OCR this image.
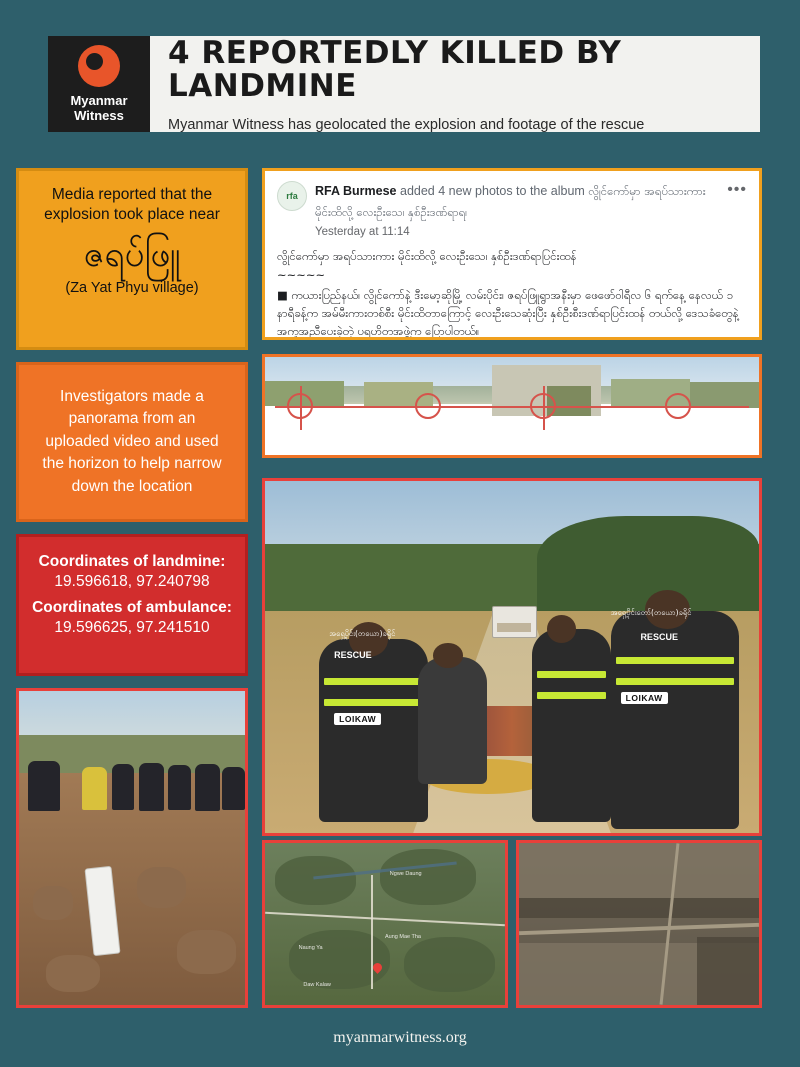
Myanmar
Witness
4 REPORTEDLY KILLED BY LANDMINE
Myanmar Witness has geolocated the explosion and footage of the rescue
Media reported that the
explosion took place near
ဇရပ်ဖြူ
(Za Yat Phyu village)
Investigators made a panorama from an uploaded video and used the horizon to help narrow down the location
Coordinates of landmine:
19.596618, 97.240798
Coordinates of ambulance:
19.596625, 97.241510
rfa	RFA Burmese added 4 new photos to the album လွိုင်ကော်မှာ အရပ်သားကား မိုင်းထိလို့ လေးဦးသေ၊ နှစ်ဦးဒဏ်ရာရ၊
Yesterday at 11:14
•••

လွိုင်ကော်မှာ အရပ်သားကား မိုင်းထိလို့ လေးဦးသေ၊ နှစ်ဦးဒဏ်ရာပြင်းထန်

~~~~~

■ ကယားပြည်နယ်၊ လွိုင်ကော်နဲ့ ဒီးမော့ဆိုမြို့ လမ်းပိုင်း၊ ဇရပ်ဖြူရွာအနီးမှာ ဖေဖော်ဝါရီလ ၆ ရက်နေ့ နေလယ် ၁ နာရီခန့်က အမ်မီးကားတစ်စီး မိုင်းထိတာကြောင့် လေးဦးသေဆုံးပြီး နှစ်ဦးစီးဒဏ်ရာပြင်းထန် တယ်လို့ ဒေသခံတွေနဲ့ အကူအညီပေးခဲ့တဲ့ ပရဟိတအဖွဲ့က ပြောပါတယ်။

အရှေ့ပိုင်း(တယော)ခရိုင်
RESCUE
LOIKAW
အရှေ့ပိုင်းတော်(တယော)ခရိုင်
RESCUE
LOIKAW
Ngwe Daung
Aung Mae Tha
Naung Ya
Daw Kalaw
myanmarwitness.org
